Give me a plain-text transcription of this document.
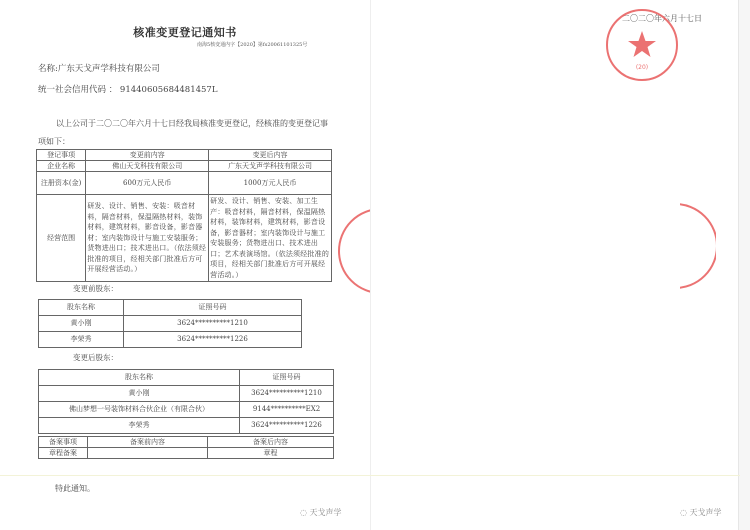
核准变更登记通知书
南海5核变通内字【2020】第fs20061101325号
名称:广东天戈声学科技有限公司
统一社会信用代码 ： 91440605684481457L
以上公司于二〇二〇年六月十七日经我局核准变更登记，经核准的变更登记事项如下：
登记事项	变更前内容	变更后内容
企业名称	佛山天戈科技有限公司	广东天戈声学科技有限公司
注册资本(金)	600万元人民币	1000万元人民币
经营范围	研发、设计、销售、安装：吸音材料，隔音材料，保温隔热材料，装饰材料，建筑材料，影音设备，影音器材；室内装饰设计与施工安装服务；货物进出口；技术进出口。（依法须经批准的项目，经相关部门批准后方可开展经营活动。）	研发、设计、销售、安装、加工生产：吸音材料，隔音材料，保温隔热材料，装饰材料，建筑材料，影音设备，影音器材；室内装饰设计与施工安装服务；货物进出口、技术进出口；艺术表演场馆。（依法须经批准的项目，经相关部门批准后方可开展经营活动。）
变更前股东：
股东名称	证照号码
黄小刚	3624**********1210
李荣秀	3624**********1226
变更后股东：
股东名称	证照号码
黄小刚	3624**********1210
佛山梦想一号装饰材料合伙企业（有限合伙）	9144**********EX2
李荣秀	3624**********1226
备案事项	备案前内容	备案后内容
章程备案		章程
特此通知。
二〇二〇年六月十七日
(20)
◌ 天戈声学	◌ 天戈声学
